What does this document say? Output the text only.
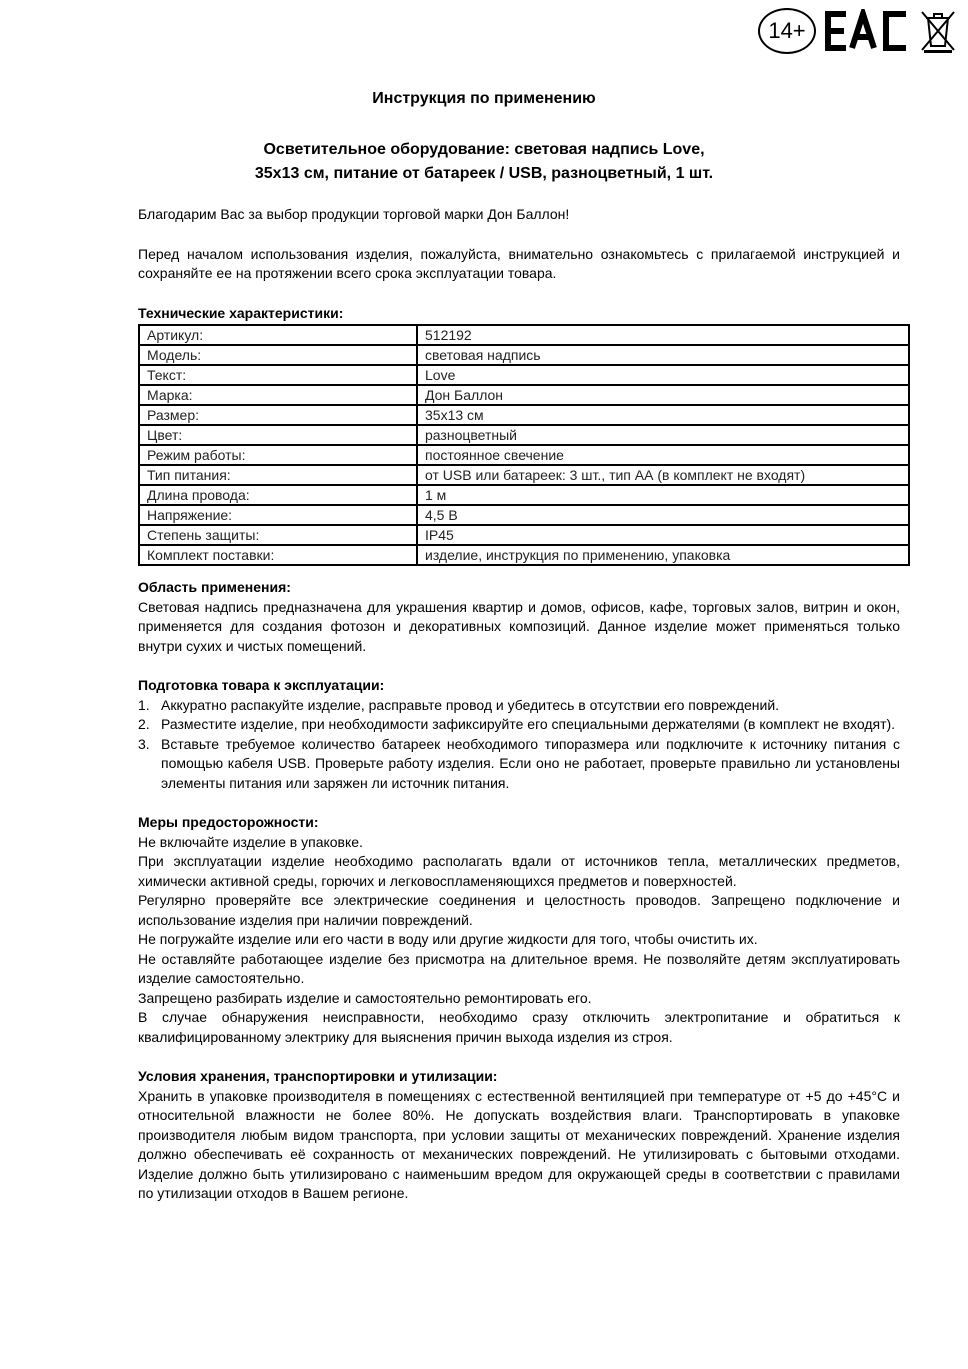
14+
Инструкция по применению
Осветительное оборудование: световая надпись Love,
35х13 см, питание от батареек / USB, разноцветный, 1 шт.

Благодарим Вас за выбор продукции торговой марки Дон Баллон!

Перед началом использования изделия, пожалуйста, внимательно ознакомьтесь с прилагаемой инструкцией и сохраняйте ее на протяжении всего срока эксплуатации товара.

Технические характеристики:

Артикул:	512192
Модель:	световая надпись
Текст:	Love
Марка:	Дон Баллон
Размер:	35х13 см
Цвет:	разноцветный
Режим работы:	постоянное свечение
Тип питания:	от USB или батареек: 3 шт., тип АА (в комплект не входят)
Длина провода:	1 м
Напряжение:	4,5 В
Степень защиты:	IP45
Комплект поставки:	изделие, инструкция по применению, упаковка

Область применения:

Световая надпись предназначена для украшения квартир и домов, офисов, кафе, торговых залов, витрин и окон, применяется для создания фотозон и декоративных композиций. Данное изделие может применяться только внутри сухих и чистых помещений.

Подготовка товара к эксплуатации:

1. Аккуратно распакуйте изделие, расправьте провод и убедитесь в отсутствии его повреждений.
2. Разместите изделие, при необходимости зафиксируйте его специальными держателями (в комплект не входят).
3. Вставьте требуемое количество батареек необходимого типоразмера или подключите к источнику питания с помощью кабеля USB. Проверьте работу изделия. Если оно не работает, проверьте правильно ли установлены элементы питания или заряжен ли источник питания.

Меры предосторожности:

Не включайте изделие в упаковке.

При эксплуатации изделие необходимо располагать вдали от источников тепла, металлических предметов, химически активной среды, горючих и легковоспламеняющихся предметов и поверхностей.

Регулярно проверяйте все электрические соединения и целостность проводов. Запрещено подключение и использование изделия при наличии повреждений.

Не погружайте изделие или его части в воду или другие жидкости для того, чтобы очистить их.

Не оставляйте работающее изделие без присмотра на длительное время. Не позволяйте детям эксплуатировать изделие самостоятельно.

Запрещено разбирать изделие и самостоятельно ремонтировать его.

В случае обнаружения неисправности, необходимо сразу отключить электропитание и обратиться к квалифицированному электрику для выяснения причин выхода изделия из строя.

Условия хранения, транспортировки и утилизации:

Хранить в упаковке производителя в помещениях с естественной вентиляцией при температуре от +5 до +45°С и относительной влажности не более 80%. Не допускать воздействия влаги. Транспортировать в упаковке производителя любым видом транспорта, при условии защиты от механических повреждений. Хранение изделия должно обеспечивать её сохранность от механических повреждений. Не утилизировать с бытовыми отходами. Изделие должно быть утилизировано с наименьшим вредом для окружающей среды в соответствии с правилами по утилизации отходов в Вашем регионе.
